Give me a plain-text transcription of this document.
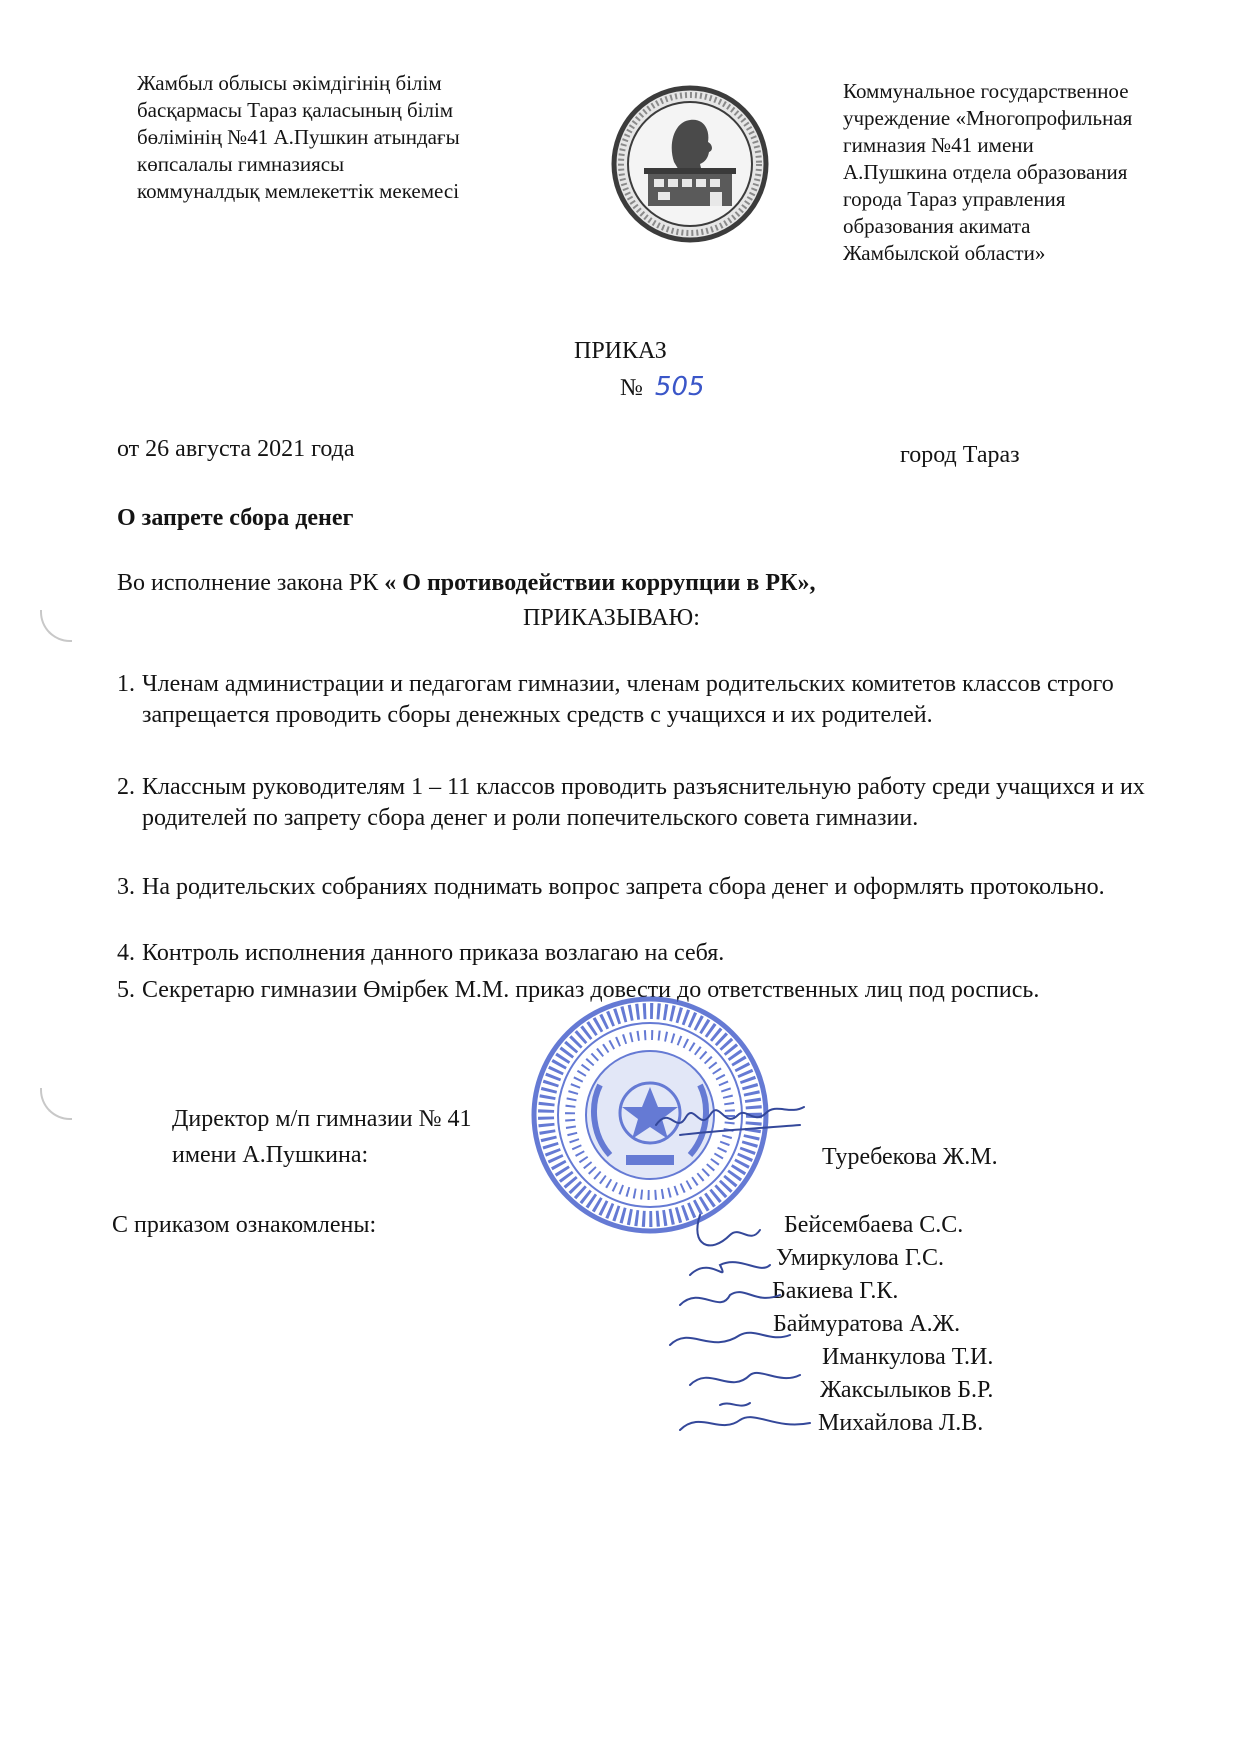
Жамбыл облысы әкімдігінің білім
басқармасы Тараз қаласының білім
бөлімінің №41 А.Пушкин атындағы
көпсалалы гимназиясы
коммуналдық мемлекеттік мекемесі
Коммунальное государственное
учреждение «Многопрофильная
гимназия №41 имени
А.Пушкина отдела образования
города Тараз управления
образования акимата
Жамбылской области»
ПРИКАЗ
№ 505
от 26 августа 2021 года	город Тараз
О запрете сбора денег
Во исполнение закона РК « О противодействии коррупции в РК»,
ПРИКАЗЫВАЮ:
1. Членам администрации и педагогам гимназии, членам родительских комитетов классов строго запрещается проводить сборы денежных средств с учащихся и их родителей.
2. Классным руководителям 1 – 11 классов проводить разъяснительную работу среди учащихся и их родителей по запрету сбора денег и роли попечительского совета гимназии.
3. На родительских собраниях поднимать вопрос запрета сбора денег и оформлять протокольно.
4. Контроль исполнения данного приказа возлагаю на себя.
5. Секретарю гимназии Өмірбек М.М. приказ довести до ответственных лиц под роспись.
Директор м/п гимназии № 41
имени А.Пушкина:	Туребекова Ж.М.
С приказом ознакомлены:	Бейсембаева С.С.
Умиркулова Г.С.
Бакиева Г.К.
Баймуратова А.Ж.
Иманкулова Т.И.
Жаксылыков Б.Р.
Михайлова Л.В.
